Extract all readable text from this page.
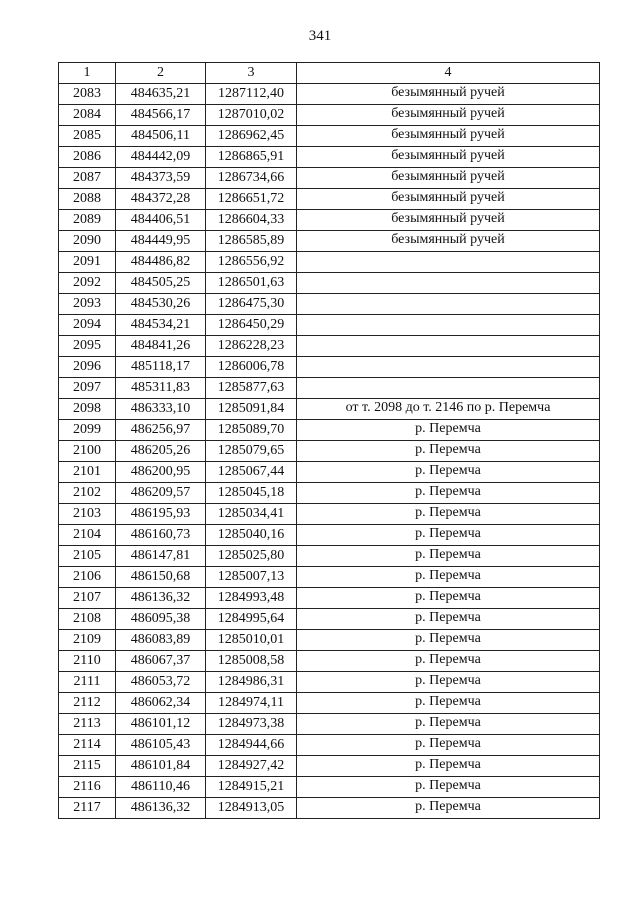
341
1	2	3	4
2083	484635,21	1287112,40	безымянный ручей
2084	484566,17	1287010,02	безымянный ручей
2085	484506,11	1286962,45	безымянный ручей
2086	484442,09	1286865,91	безымянный ручей
2087	484373,59	1286734,66	безымянный ручей
2088	484372,28	1286651,72	безымянный ручей
2089	484406,51	1286604,33	безымянный ручей
2090	484449,95	1286585,89	безымянный ручей
2091	484486,82	1286556,92	
2092	484505,25	1286501,63	
2093	484530,26	1286475,30	
2094	484534,21	1286450,29	
2095	484841,26	1286228,23	
2096	485118,17	1286006,78	
2097	485311,83	1285877,63	
2098	486333,10	1285091,84	от т. 2098 до т. 2146 по р. Перемча
2099	486256,97	1285089,70	р. Перемча
2100	486205,26	1285079,65	р. Перемча
2101	486200,95	1285067,44	р. Перемча
2102	486209,57	1285045,18	р. Перемча
2103	486195,93	1285034,41	р. Перемча
2104	486160,73	1285040,16	р. Перемча
2105	486147,81	1285025,80	р. Перемча
2106	486150,68	1285007,13	р. Перемча
2107	486136,32	1284993,48	р. Перемча
2108	486095,38	1284995,64	р. Перемча
2109	486083,89	1285010,01	р. Перемча
2110	486067,37	1285008,58	р. Перемча
2111	486053,72	1284986,31	р. Перемча
2112	486062,34	1284974,11	р. Перемча
2113	486101,12	1284973,38	р. Перемча
2114	486105,43	1284944,66	р. Перемча
2115	486101,84	1284927,42	р. Перемча
2116	486110,46	1284915,21	р. Перемча
2117	486136,32	1284913,05	р. Перемча
